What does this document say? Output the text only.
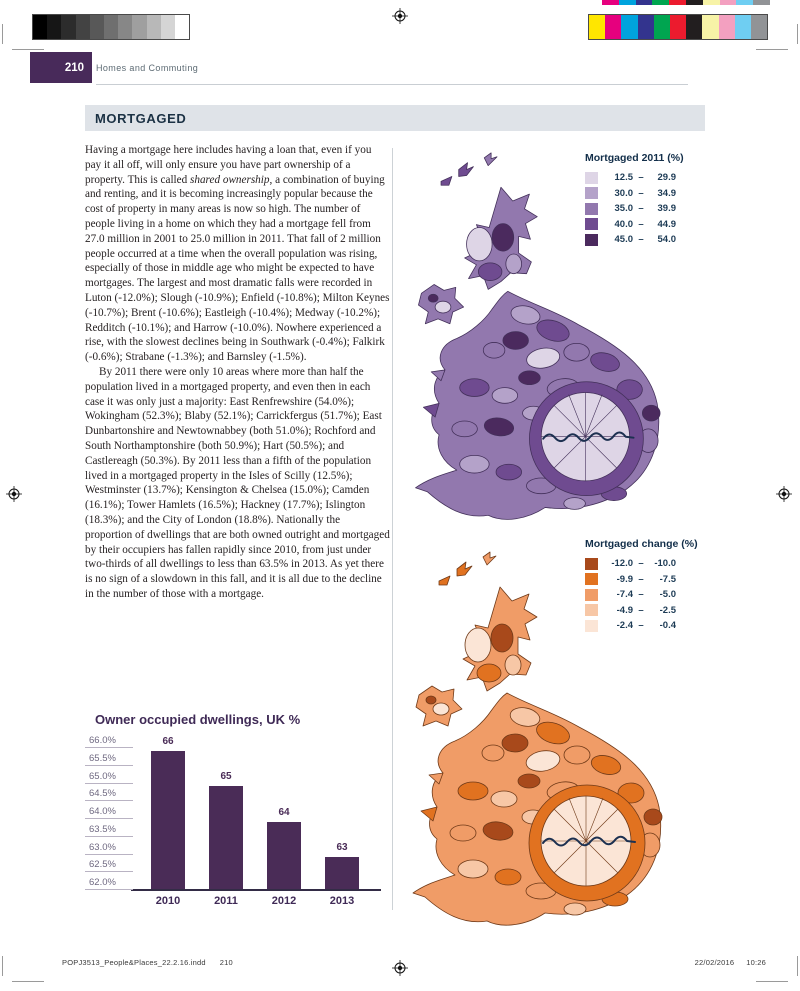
210 Homes and Commuting
MORTGAGED

Having a mortgage here includes having a loan that, even if you pay it all off, will only ensure you have part ownership of a property. This is called shared ownership, a combination of buying and renting, and it is becoming increasingly popular because the cost of property in many areas is now so high. The number of people living in a home on which they had a mortgage fell from 27.0 million in 2001 to 25.0 million in 2011. That fall of 2 million people occurred at a time when the overall population was rising, especially of those in middle age who might be expected to have mortgages. The largest and most dramatic falls were recorded in Luton (-12.0%); Slough (-10.9%); Enfield (-10.8%); Milton Keynes (-10.7%); Brent (-10.6%); Eastleigh (-10.4%); Medway (-10.2%); Redditch (-10.1%); and Harrow (-10.0%). Nowhere experienced a rise, with the slowest declines being in Southwark (-0.4%); Falkirk (-0.6%); Strabane (-1.3%); and Barnsley (-1.5%).

By 2011 there were only 10 areas where more than half the population lived in a mortgaged property, and even then in each case it was only just a majority: East Renfrewshire (54.0%); Wokingham (52.3%); Blaby (52.1%); Carrickfergus (51.7%); East Dunbartonshire and Newtownabbey (both 51.0%); Rochford and South Northamptonshire (both 50.9%); Hart (50.5%); and Castlereagh (50.3%). By 2011 less than a fifth of the population lived in a mortgaged property in the Isles of Scilly (12.5%); Westminster (13.7%); Kensington & Chelsea (15.0%); Camden (16.1%); Tower Hamlets (16.5%); Hackney (17.7%); Islington (18.3%); and the City of London (18.8%). Nationally the proportion of dwellings that are both owned outright and mortgaged by their occupiers has fallen rapidly since 2010, from just under two-thirds of all dwellings to less than 63.5% in 2013. As yet there is no sign of a slowdown in this fall, and it is all due to the decline in the number of those with a mortgage.

Mortgaged 2011 (%)
12.5 –	29.9
30.0 –	34.9
35.0 –	39.9
40.0 –	44.9
45.0 –	54.0
Mortgaged change (%)
-12.0 –	-10.0
-9.9 –	-7.5
-7.4 –	-5.0
-4.9 –	-2.5
-2.4 –	-0.4
Owner occupied dwellings, UK %
66.0%
65.5%
65.0%
64.5%
64.0%
63.5%
63.0%
62.5%
62.0%
66
2010
65
2011
64
2012
63
2013
POPJ3513_People&Places_22.2.16.indd 210	22/02/2016 10:26
